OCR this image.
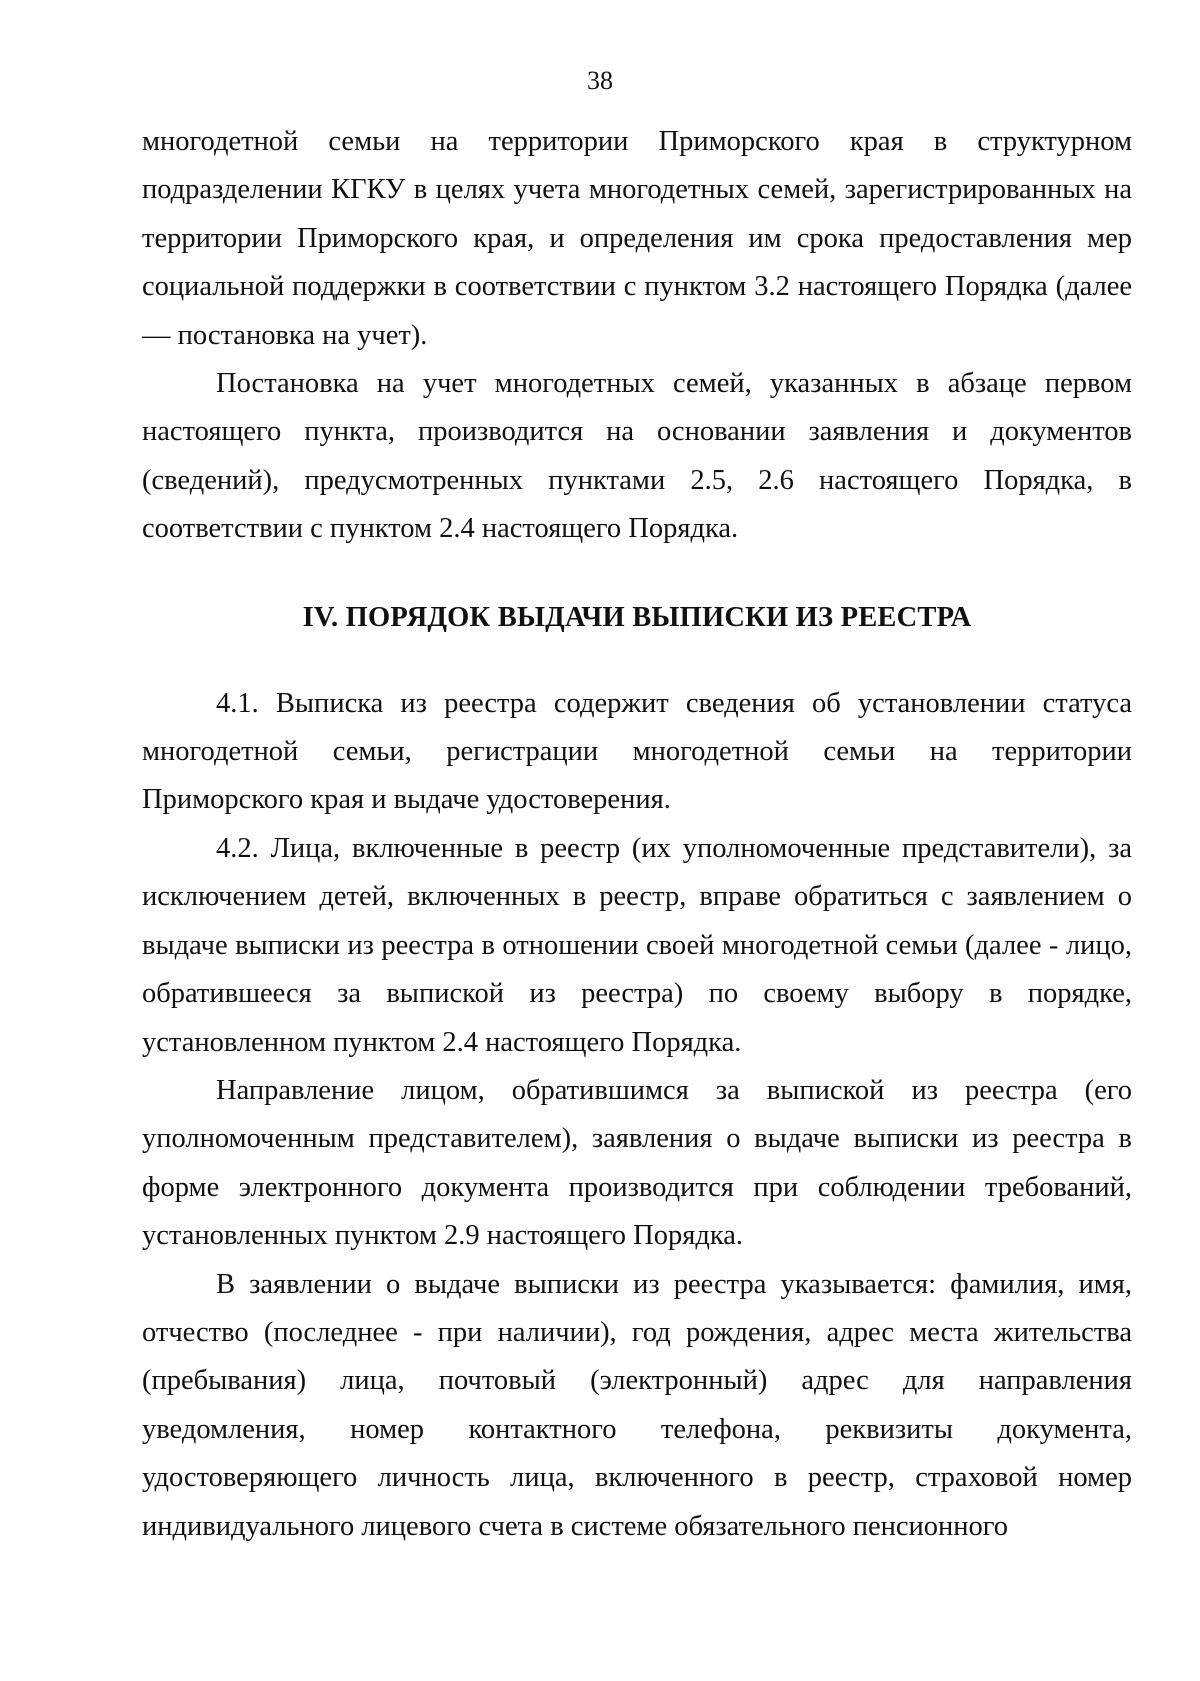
38

многодетной семьи на территории Приморского края в структурном подразделении КГКУ в целях учета многодетных семей, зарегистрированных на территории Приморского края, и определения им срока предоставления мер социальной поддержки в соответствии с пунктом 3.2 настоящего Порядка (далее — постановка на учет).

Постановка на учет многодетных семей, указанных в абзаце первом настоящего пункта, производится на основании заявления и документов (сведений), предусмотренных пунктами 2.5, 2.6 настоящего Порядка, в соответствии с пунктом 2.4 настоящего Порядка.

IV. ПОРЯДОК ВЫДАЧИ ВЫПИСКИ ИЗ РЕЕСТРА

4.1. Выписка из реестра содержит сведения об установлении статуса многодетной семьи, регистрации многодетной семьи на территории Приморского края и выдаче удостоверения.

4.2. Лица, включенные в реестр (их уполномоченные представители), за исключением детей, включенных в реестр, вправе обратиться с заявлением о выдаче выписки из реестра в отношении своей многодетной семьи (далее - лицо, обратившееся за выпиской из реестра) по своему выбору в порядке, установленном пунктом 2.4 настоящего Порядка.

Направление лицом, обратившимся за выпиской из реестра (его уполномоченным представителем), заявления о выдаче выписки из реестра в форме электронного документа производится при соблюдении требований, установленных пунктом 2.9 настоящего Порядка.

В заявлении о выдаче выписки из реестра указывается: фамилия, имя, отчество (последнее - при наличии), год рождения, адрес места жительства (пребывания) лица, почтовый (электронный) адрес для направления уведомления, номер контактного телефона, реквизиты документа, удостоверяющего личность лица, включенного в реестр, страховой номер индивидуального лицевого счета в системе обязательного пенсионного
